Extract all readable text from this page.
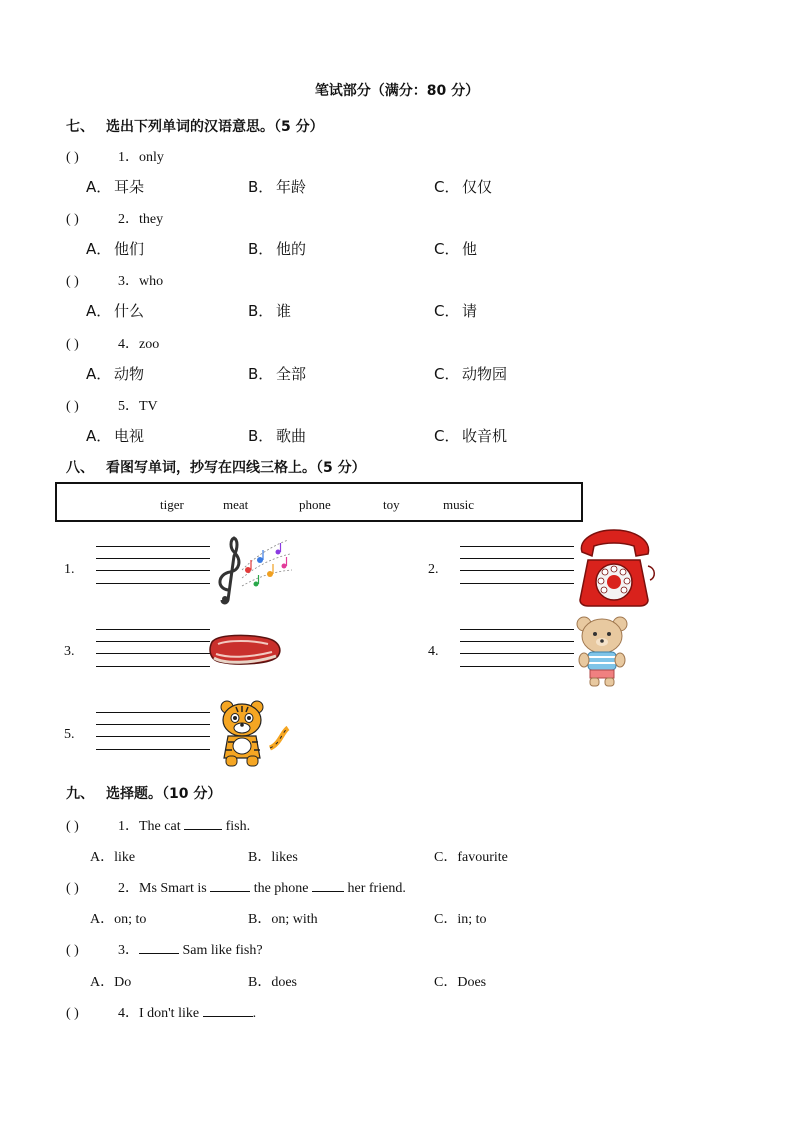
笔试部分（满分：80 分）
七、 选出下列单词的汉语意思。（5 分）
( )	1．only
A． 耳朵	B． 年龄	C． 仅仅
( )	2．they
A． 他们	B． 他的	C． 他
( )	3．who
A． 什么	B． 谁	C． 请
( )	4．zoo
A． 动物	B． 全部	C． 动物园
( )	5．TV
A． 电视	B． 歌曲	C． 收音机
八、 看图写单词，抄写在四线三格上。（5 分）
tiger	meat	phone	toy	music
1.	2.
3.	4.
5.
九、 选择题。（10 分）
( )	1．The cat	fish.
A．like	B．likes	C．favourite
( )	2．Ms Smart is	the phone  her friend.
A．on; to	B．on; with	C．in; to
( )	3．	Sam like fish?
A．Do	B．does	C．Does
( )	4．I don't like	.
